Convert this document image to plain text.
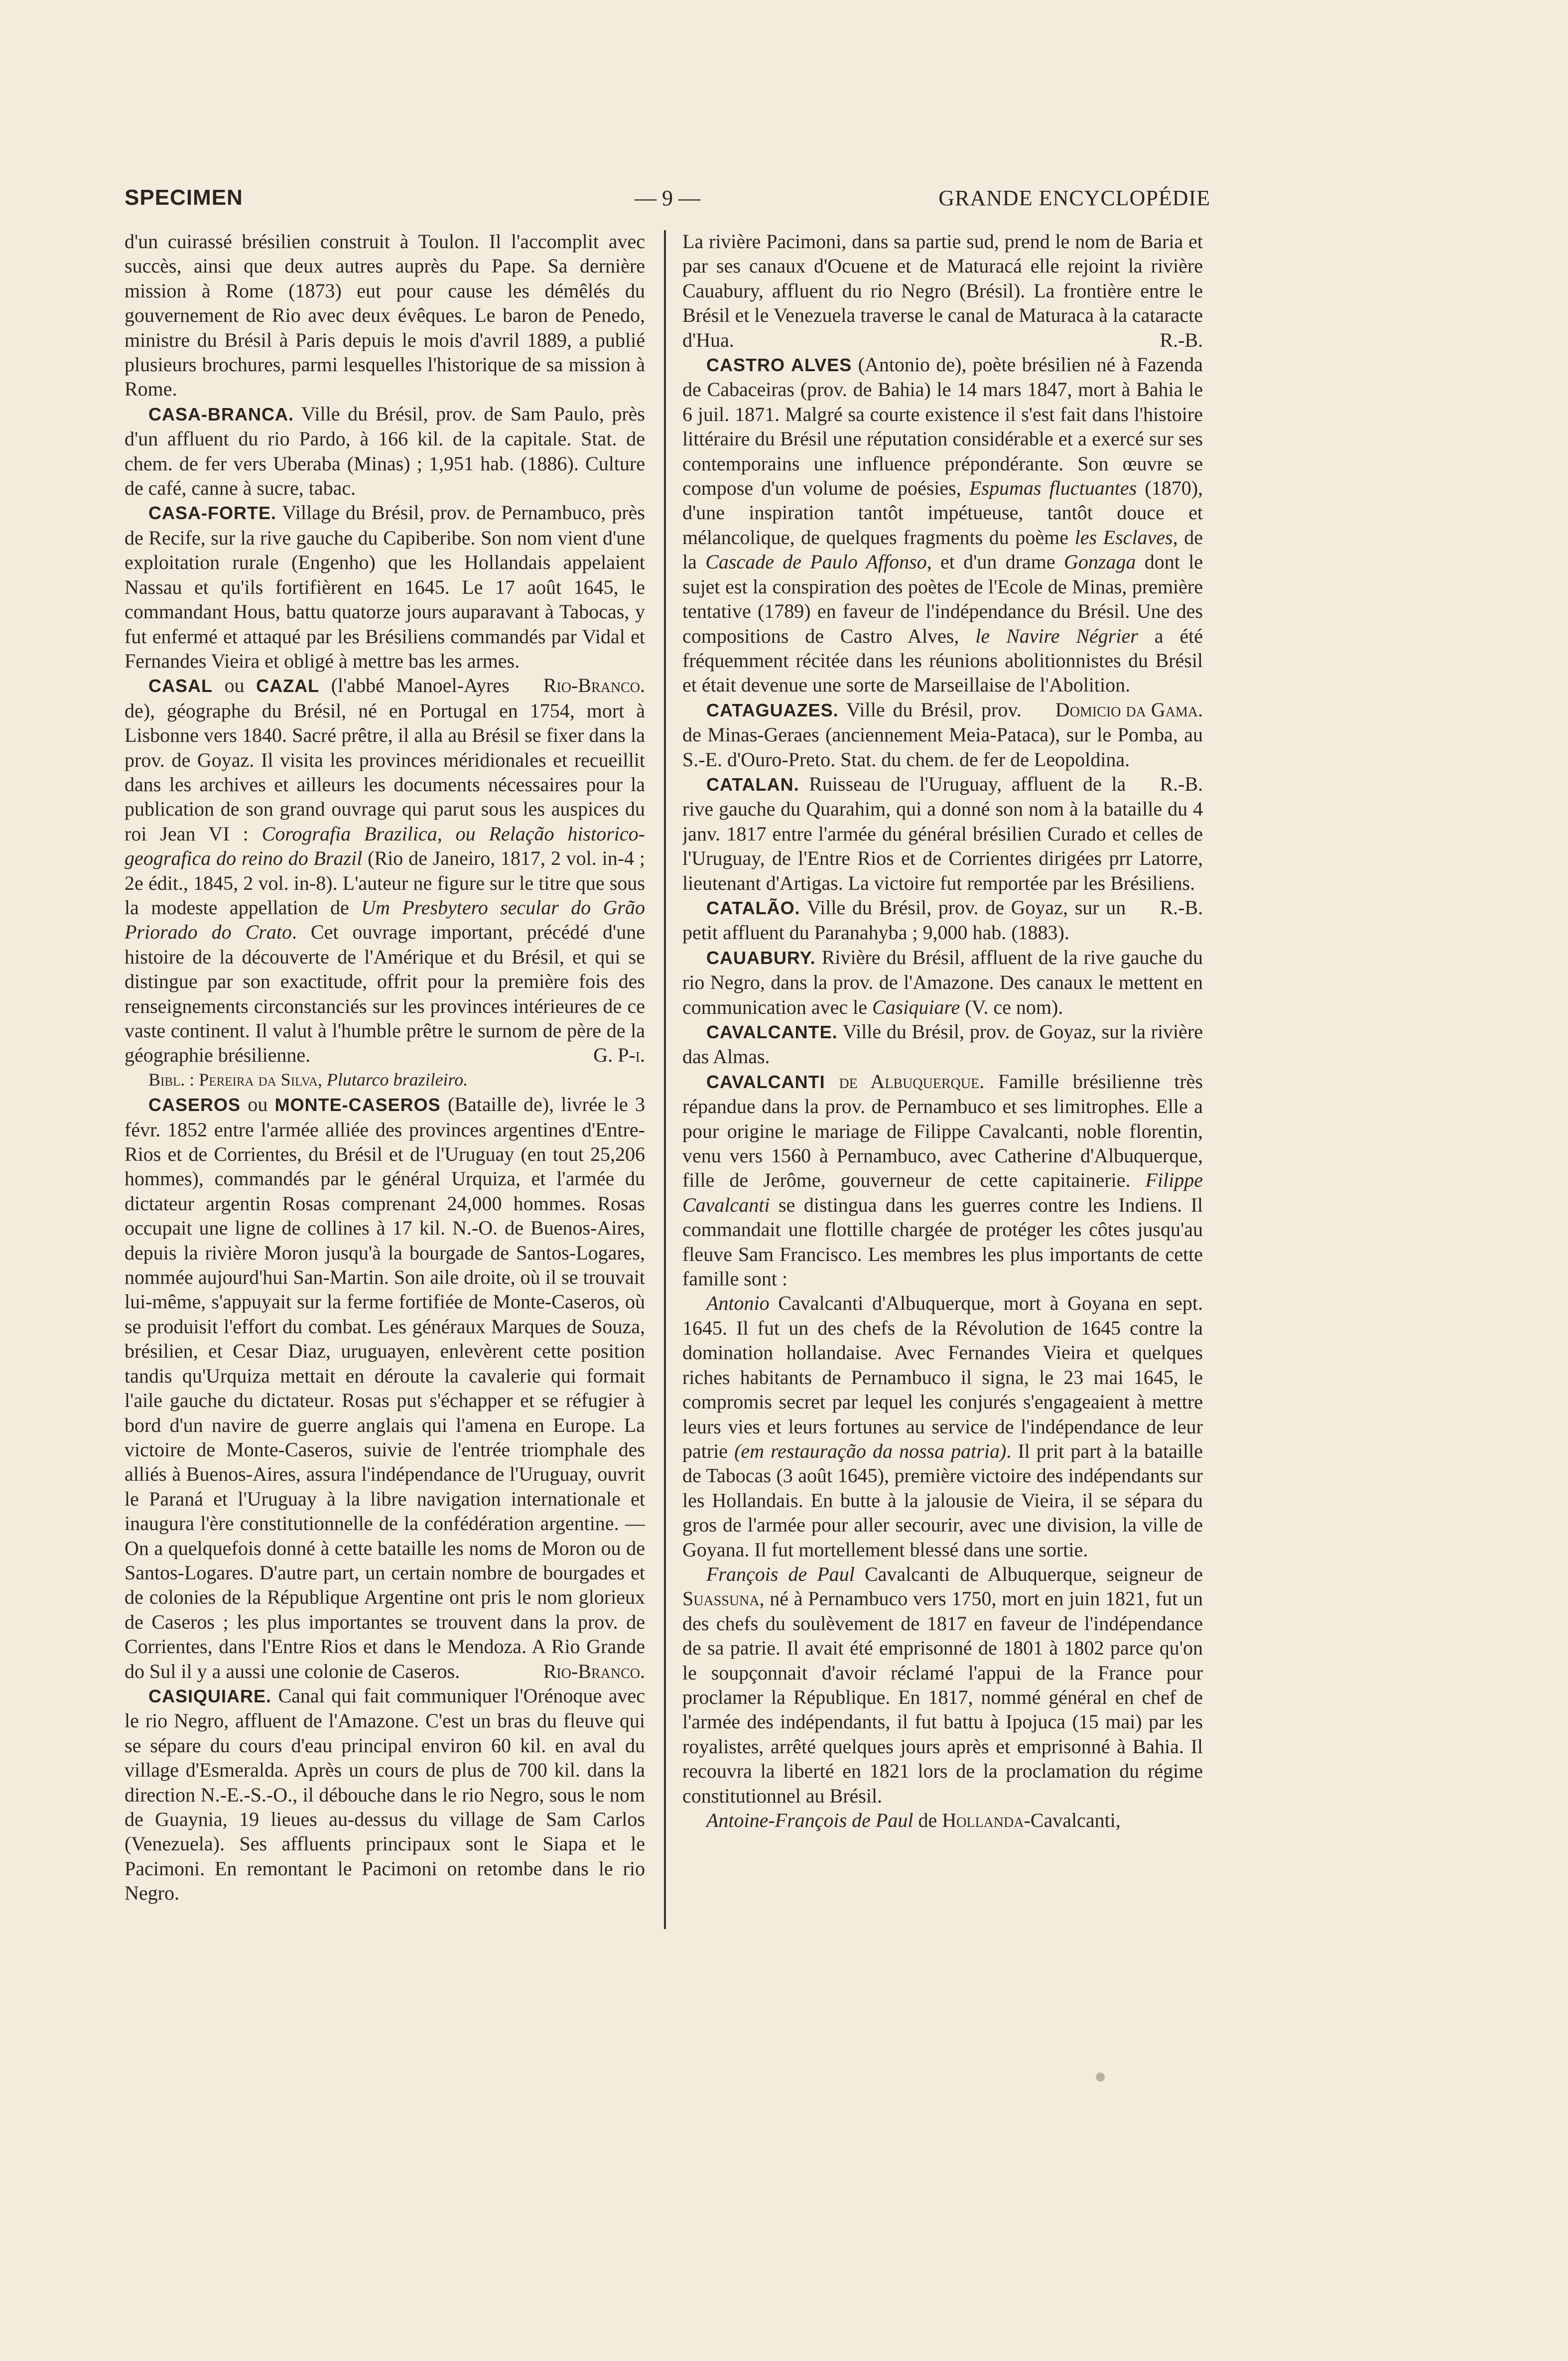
SPECIMEN	— 9 —	GRANDE ENCYCLOPÉDIE

d'un cuirassé brésilien construit à Toulon. Il l'accomplit avec succès, ainsi que deux autres auprès du Pape. Sa dernière mission à Rome (1873) eut pour cause les démêlés du gouvernement de Rio avec deux évêques. Le baron de Penedo, ministre du Brésil à Paris depuis le mois d'avril 1889, a publié plusieurs brochures, parmi lesquelles l'historique de sa mission à Rome.

CASA-BRANCA. Ville du Brésil, prov. de Sam Paulo, près d'un affluent du rio Pardo, à 166 kil. de la capitale. Stat. de chem. de fer vers Uberaba (Minas) ; 1,951 hab. (1886). Culture de café, canne à sucre, tabac.

CASA-FORTE. Village du Brésil, prov. de Pernambuco, près de Recife, sur la rive gauche du Capiberibe. Son nom vient d'une exploitation rurale (Engenho) que les Hollandais appelaient Nassau et qu'ils fortifièrent en 1645. Le 17 août 1645, le commandant Hous, battu quatorze jours auparavant à Tabocas, y fut enfermé et attaqué par les Brésiliens commandés par Vidal et Fernandes Vieira et obligé à mettre bas les armes.
Rio-Branco.

CASAL ou CAZAL (l'abbé Manoel-Ayres de), géographe du Brésil, né en Portugal en 1754, mort à Lisbonne vers 1840. Sacré prêtre, il alla au Brésil se fixer dans la prov. de Goyaz. Il visita les provinces méridionales et recueillit dans les archives et ailleurs les documents nécessaires pour la publication de son grand ouvrage qui parut sous les auspices du roi Jean VI : Corografia Brazilica, ou Relação historico-geografica do reino do Brazil (Rio de Janeiro, 1817, 2 vol. in-4 ; 2e édit., 1845, 2 vol. in-8). L'auteur ne figure sur le titre que sous la modeste appellation de Um Presbytero secular do Grão Priorado do Crato. Cet ouvrage important, précédé d'une histoire de la découverte de l'Amérique et du Brésil, et qui se distingue par son exactitude, offrit pour la première fois des renseignements circonstanciés sur les provinces intérieures de ce vaste continent. Il valut à l'humble prêtre le surnom de père de la géographie brésilienne.	G. P-i.

Bibl. : Pereira da Silva, Plutarco brazileiro.

CASEROS ou MONTE-CASEROS (Bataille de), livrée le 3 févr. 1852 entre l'armée alliée des provinces argentines d'Entre-Rios et de Corrientes, du Brésil et de l'Uruguay (en tout 25,206 hommes), commandés par le général Urquiza, et l'armée du dictateur argentin Rosas comprenant 24,000 hommes. Rosas occupait une ligne de collines à 17 kil. N.-O. de Buenos-Aires, depuis la rivière Moron jusqu'à la bourgade de Santos-Logares, nommée aujourd'hui San-Martin. Son aile droite, où il se trouvait lui-même, s'appuyait sur la ferme fortifiée de Monte-Caseros, où se produisit l'effort du combat. Les généraux Marques de Souza, brésilien, et Cesar Diaz, uruguayen, enlevèrent cette position tandis qu'Urquiza mettait en déroute la cavalerie qui formait l'aile gauche du dictateur. Rosas put s'échapper et se réfugier à bord d'un navire de guerre anglais qui l'amena en Europe. La victoire de Monte-Caseros, suivie de l'entrée triomphale des alliés à Buenos-Aires, assura l'indépendance de l'Uruguay, ouvrit le Paraná et l'Uruguay à la libre navigation internationale et inaugura l'ère constitutionnelle de la confédération argentine. — On a quelquefois donné à cette bataille les noms de Moron ou de Santos-Logares. D'autre part, un certain nombre de bourgades et de colonies de la République Argentine ont pris le nom glorieux de Caseros ; les plus importantes se trouvent dans la prov. de Corrientes, dans l'Entre Rios et dans le Mendoza. A Rio Grande do Sul il y a aussi une colonie de Caseros.	Rio-Branco.

CASIQUIARE. Canal qui fait communiquer l'Orénoque avec le rio Negro, affluent de l'Amazone. C'est un bras du fleuve qui se sépare du cours d'eau principal environ 60 kil. en aval du village d'Esmeralda. Après un cours de plus de 700 kil. dans la direction N.-E.-S.-O., il débouche dans le rio Negro, sous le nom de Guaynia, 19 lieues au-dessus du village de Sam Carlos (Venezuela). Ses affluents principaux sont le Siapa et le Pacimoni. En remontant le Pacimoni on retombe dans le rio Negro.

La rivière Pacimoni, dans sa partie sud, prend le nom de Baria et par ses canaux d'Ocuene et de Maturacá elle rejoint la rivière Cauabury, affluent du rio Negro (Brésil). La frontière entre le Brésil et le Venezuela traverse le canal de Maturaca à la cataracte d'Hua.	R.-B.

CASTRO ALVES (Antonio de), poète brésilien né à Fazenda de Cabaceiras (prov. de Bahia) le 14 mars 1847, mort à Bahia le 6 juil. 1871. Malgré sa courte existence il s'est fait dans l'histoire littéraire du Brésil une réputation considérable et a exercé sur ses contemporains une influence prépondérante. Son œuvre se compose d'un volume de poésies, Espumas fluctuantes (1870), d'une inspiration tantôt impétueuse, tantôt douce et mélancolique, de quelques fragments du poème les Esclaves, de la Cascade de Paulo Affonso, et d'un drame Gonzaga dont le sujet est la conspiration des poètes de l'Ecole de Minas, première tentative (1789) en faveur de l'indépendance du Brésil. Une des compositions de Castro Alves, le Navire Négrier a été fréquemment récitée dans les réunions abolitionnistes du Brésil et était devenue une sorte de Marseillaise de l'Abolition.
Domicio da Gama.

CATAGUAZES. Ville du Brésil, prov. de Minas-Geraes (anciennement Meia-Pataca), sur le Pomba, au S.-E. d'Ouro-Preto. Stat. du chem. de fer de Leopoldina.
R.-B.

CATALAN. Ruisseau de l'Uruguay, affluent de la rive gauche du Quarahim, qui a donné son nom à la bataille du 4 janv. 1817 entre l'armée du général brésilien Curado et celles de l'Uruguay, de l'Entre Rios et de Corrientes dirigées prr Latorre, lieutenant d'Artigas. La victoire fut remportée par les Brésiliens.
R.-B.

CATALÃO. Ville du Brésil, prov. de Goyaz, sur un petit affluent du Paranahyba ; 9,000 hab. (1883).

CAUABURY. Rivière du Brésil, affluent de la rive gauche du rio Negro, dans la prov. de l'Amazone. Des canaux le mettent en communication avec le Casiquiare (V. ce nom).

CAVALCANTE. Ville du Brésil, prov. de Goyaz, sur la rivière das Almas.

CAVALCANTI de Albuquerque. Famille brésilienne très répandue dans la prov. de Pernambuco et ses limitrophes. Elle a pour origine le mariage de Filippe Cavalcanti, noble florentin, venu vers 1560 à Pernambuco, avec Catherine d'Albuquerque, fille de Jerôme, gouverneur de cette capitainerie. Filippe Cavalcanti se distingua dans les guerres contre les Indiens. Il commandait une flottille chargée de protéger les côtes jusqu'au fleuve Sam Francisco. Les membres les plus importants de cette famille sont :

Antonio Cavalcanti d'Albuquerque, mort à Goyana en sept. 1645. Il fut un des chefs de la Révolution de 1645 contre la domination hollandaise. Avec Fernandes Vieira et quelques riches habitants de Pernambuco il signa, le 23 mai 1645, le compromis secret par lequel les conjurés s'engageaient à mettre leurs vies et leurs fortunes au service de l'indépendance de leur patrie (em restauração da nossa patria). Il prit part à la bataille de Tabocas (3 août 1645), première victoire des indépendants sur les Hollandais. En butte à la jalousie de Vieira, il se sépara du gros de l'armée pour aller secourir, avec une division, la ville de Goyana. Il fut mortellement blessé dans une sortie.

François de Paul Cavalcanti de Albuquerque, seigneur de Suassuna, né à Pernambuco vers 1750, mort en juin 1821, fut un des chefs du soulèvement de 1817 en faveur de l'indépendance de sa patrie. Il avait été emprisonné de 1801 à 1802 parce qu'on le soupçonnait d'avoir réclamé l'appui de la France pour proclamer la République. En 1817, nommé général en chef de l'armée des indépendants, il fut battu à Ipojuca (15 mai) par les royalistes, arrêté quelques jours après et emprisonné à Bahia. Il recouvra la liberté en 1821 lors de la proclamation du régime constitutionnel au Brésil.

Antoine-François de Paul de Hollanda-Cavalcanti,
